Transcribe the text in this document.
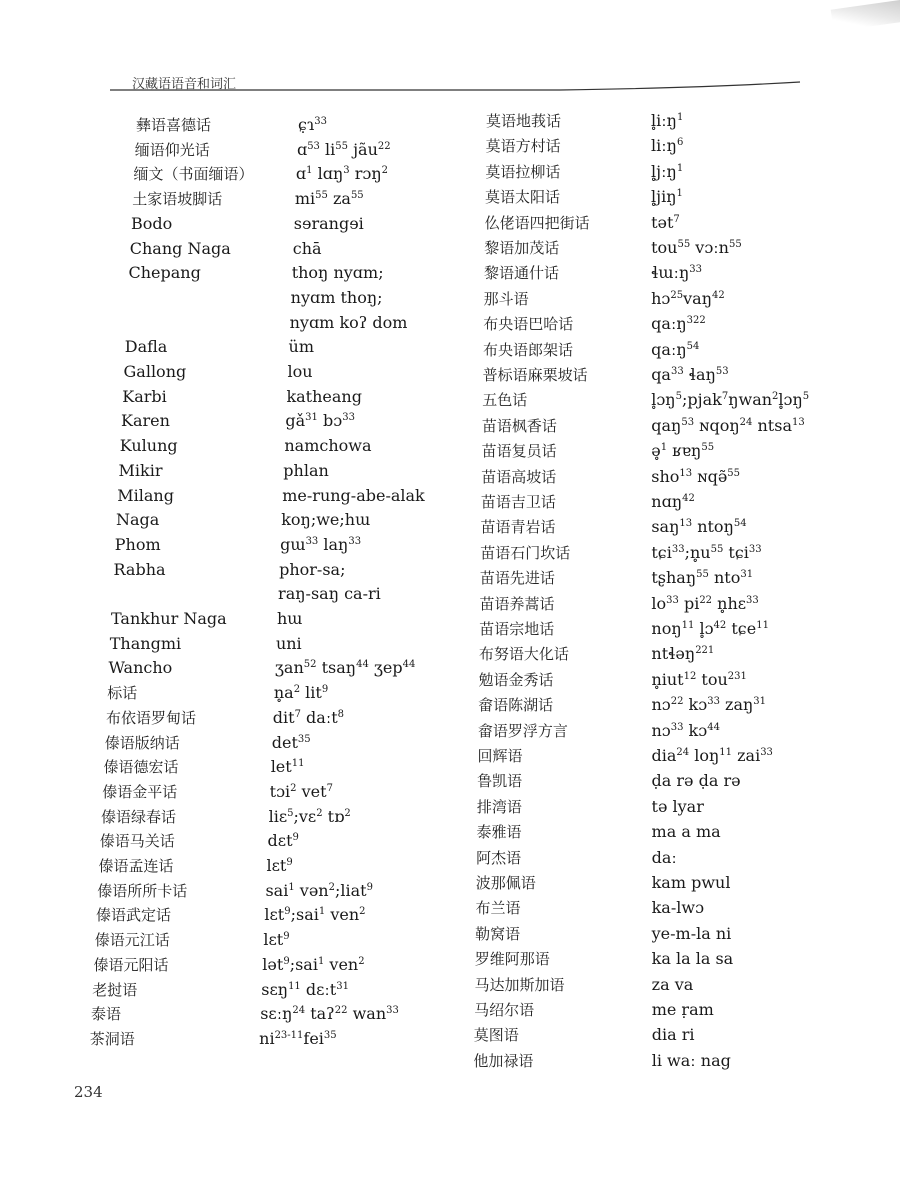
汉藏语语音和词汇
彝语喜德话	ɕ̣ɿ$^{33}$
缅语仰光话	ɑ$^{53}$ $li^{55}$ jãu$^{22}$
缅文（书面缅语）	ɑ$^1$ lɑŋ$^3$ rɔŋ$^2$
土家语坡脚话	$mi^{55}$ $za^{55}$
Bodo	sɘrangɘi
Chang Naga	chā
Chepang	thoŋ nyɑm;
nyɑm thoŋ;
nyɑm koʔ dom
Dafla	üm
Gallong	lou
Karbi	katheang
Karen	$gǎ^{31}$ bɔ$^{33}$
Kulung	namchowa
Mikir	phlan
Milang	me-rung-abe-alak
Naga	koŋ;we;hɯ
Phom	gɯ$^{33}$ laŋ$^{33}$
Rabha	phor-sa;
raŋ-saŋ ca-ri
Tankhur Naga	hɯ
Thangmi	uni
Wancho	ʒan$^{52}$ tsaŋ$^{44}$ ʒep$^{44}$
标话	$n̥a^2$ lit$^9$
布依语罗甸话	dit$^7$ daːt$^8$
傣语版纳话	$\det^{35}$
傣语德宏话	let$^{11}$
傣语金平话	tɔi$^2$ vet$^7$
傣语绿春话	liɛ$^5$;vɛ$^2$ tɒ$^2$
傣语马关话	dɛt$^9$
傣语孟连话	lɛt$^9$
傣语所所卡话	sai$^1$ vən$^2$;liat$^9$
傣语武定话	lɛt$^9$;sai$^1$ ven$^2$
傣语元江话	lɛt$^9$
傣语元阳话	lət$^9$;sai$^1$ ven$^2$
老挝语	sɛŋ$^{11}$ dɛːt$^{31}$
泰语	sɛːŋ$^{24}$ taʔ$^{22}$ wan$^{33}$
茶洞语	$ni^{23-11}fei^{35}$
莫语地莪话	l̥iːŋ$^1$
莫语方村话	liːŋ$^6$
莫语拉柳话	l̥jːŋ$^1$
莫语太阳话	l̥jiŋ$^1$
仫佬语四把街话	tət$^7$
黎语加茂话	tou$^{55}$ vɔːn$^{55}$
黎语通什话	ɬɯːŋ$^{33}$
那斗语	hɔ$^{25}$vaŋ$^{42}$
布央语巴哈话	qaːŋ$^{322}$
布央语郎架话	qaːŋ$^{54}$
普标语麻栗坡话	$qa^{33}$ ɬaŋ$^{53}$
五色话	l̥ɔŋ$^5$;pjak$^7$ŋwan$^2$l̥ɔŋ$^5$
苗语枫香话	qaŋ$^{53}$ ɴqoŋ$^{24}$ ntsa$^{13}$
苗语复员话	ə̥$^1$ ʁɐŋ$^{55}$
苗语高坡话	sho$^{13}$ ɴqə̃$^{55}$
苗语吉卫话	nɑŋ$^{42}$
苗语青岩话	saŋ$^{13}$ ntoŋ$^{54}$
苗语石门坎话	$tɕi^{33};n̥u^{55}$ tɕi$^{33}$
苗语先进话	tʂhaŋ$^{55}$ nto$^{31}$
苗语养蒿话	$lo^{33}$ $pi^{22}$ n̥hɛ$^{33}$
苗语宗地话	noŋ$^{11}$ l̥ɔ$^{42}$ tɕe$^{11}$
布努语大化话	ntɬəŋ$^{221}$
勉语金秀话	n̥iut$^{12}$ tou$^{231}$
畲语陈湖话	nɔ$^{22}$ kɔ$^{33}$ zaŋ$^{31}$
畲语罗浮方言	nɔ$^{33}$ kɔ$^{44}$
回辉语	dia$^{24}$ loŋ$^{11}$ zai$^{33}$
鲁凯语	ḍa rə ḍa rə
排湾语	tə lyar
泰雅语	ma a ma
阿杰语	daː
波那佩语	kam pwul
布兰语	ka-lwɔ
勒窝语	ye-m-la ni
罗维阿那语	ka la la sa
马达加斯加语	za va
马绍尔语	me ṛam
莫图语	dia ri
他加禄语	li waː nag
234
